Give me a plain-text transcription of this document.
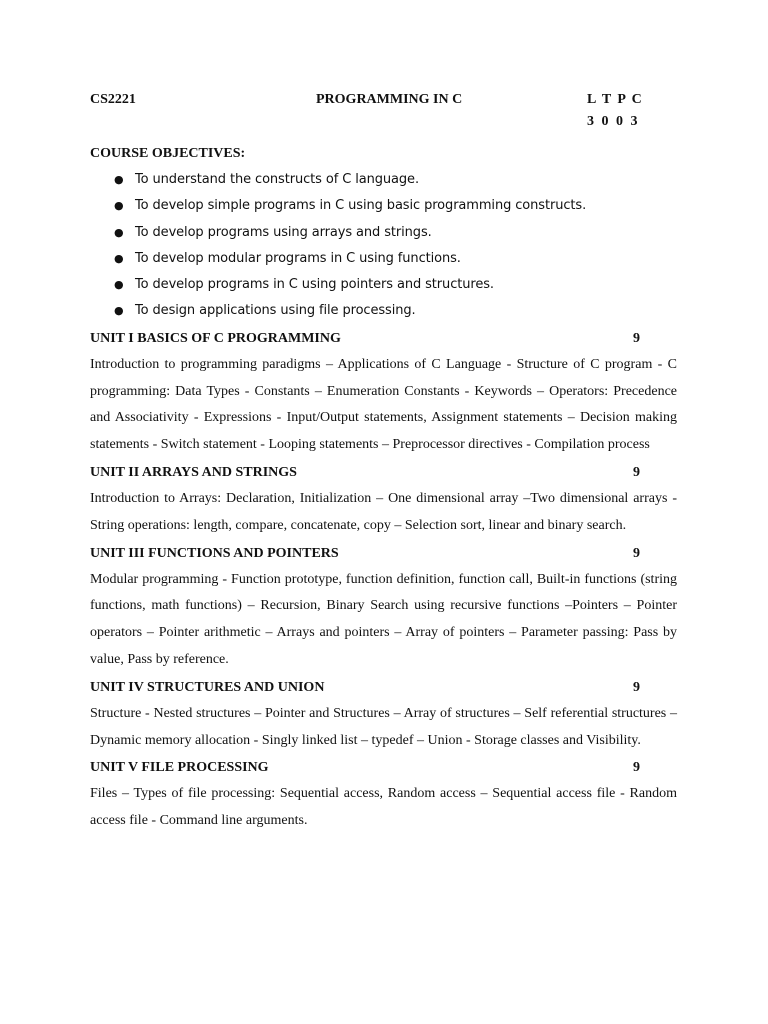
CS2221	PROGRAMMING IN C	L T P C
3 0 0 3
COURSE OBJECTIVES:
● To understand the constructs of C language.
● To develop simple programs in C using basic programming constructs.
● To develop programs using arrays and strings.
● To develop modular programs in C using functions.
● To develop programs in C using pointers and structures.
● To design applications using file processing.
UNIT I BASICS OF C PROGRAMMING	9

Introduction to programming paradigms – Applications of C Language - Structure of C program - C programming: Data Types - Constants – Enumeration Constants - Keywords – Operators: Precedence and Associativity - Expressions - Input/Output statements, Assignment statements – Decision making statements - Switch statement - Looping statements – Preprocessor directives - Compilation process

UNIT II ARRAYS AND STRINGS	9

Introduction to Arrays: Declaration, Initialization – One dimensional array –Two dimensional arrays - String operations: length, compare, concatenate, copy – Selection sort, linear and binary search.

UNIT III FUNCTIONS AND POINTERS	9

Modular programming - Function prototype, function definition, function call, Built-in functions (string functions, math functions) – Recursion, Binary Search using recursive functions –Pointers – Pointer operators – Pointer arithmetic – Arrays and pointers – Array of pointers – Parameter passing: Pass by value, Pass by reference.

UNIT IV STRUCTURES AND UNION	9

Structure - Nested structures – Pointer and Structures – Array of structures – Self referential structures – Dynamic memory allocation - Singly linked list – typedef – Union - Storage classes and Visibility.

UNIT V FILE PROCESSING	9

Files – Types of file processing: Sequential access, Random access – Sequential access file - Random access file - Command line arguments.
